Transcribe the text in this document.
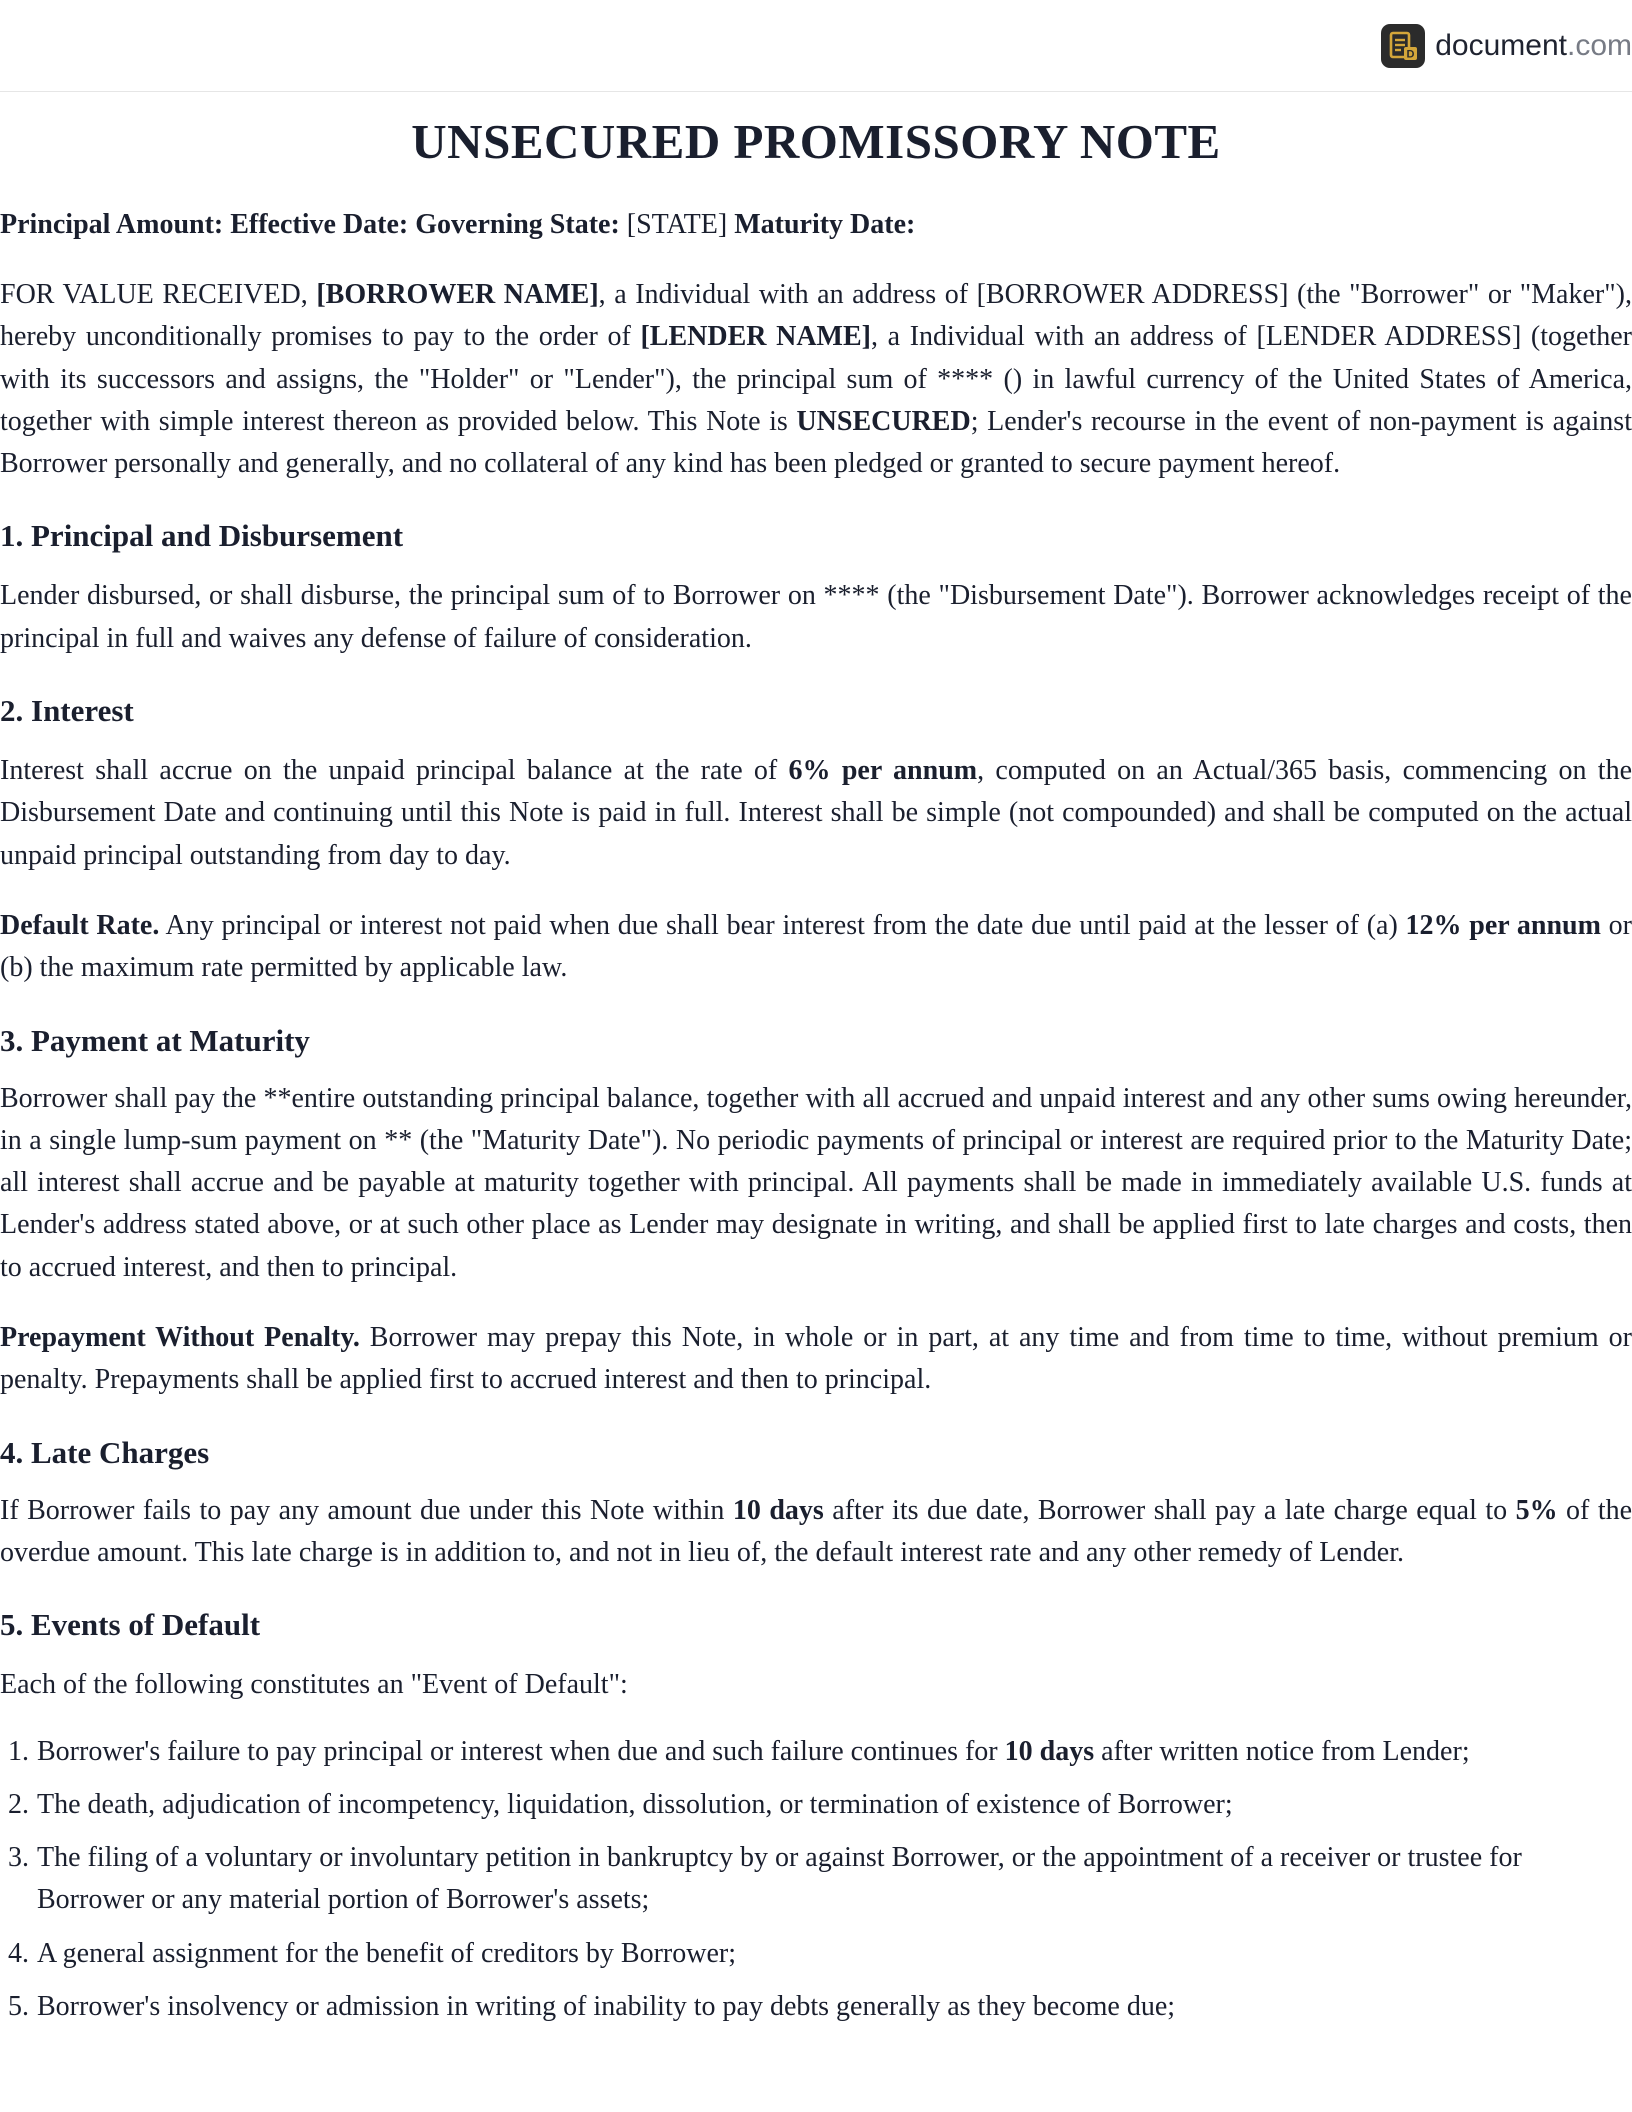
D document.com
UNSECURED PROMISSORY NOTE
Principal Amount: Effective Date: Governing State: [STATE] Maturity Date:

FOR VALUE RECEIVED, [BORROWER NAME], a Individual with an address of [BORROWER ADDRESS] (the "Borrower" or "Maker"), hereby unconditionally promises to pay to the order of [LENDER NAME], a Individual with an address of [LENDER ADDRESS] (together with its successors and assigns, the "Holder" or "Lender"), the principal sum of **** () in lawful currency of the United States of America, together with simple interest thereon as provided below. This Note is UNSECURED; Lender's recourse in the event of non-payment is against Borrower personally and generally, and no collateral of any kind has been pledged or granted to secure payment hereof.

1. Principal and Disbursement

Lender disbursed, or shall disburse, the principal sum of to Borrower on **** (the "Disbursement Date"). Borrower acknowledges receipt of the principal in full and waives any defense of failure of consideration.

2. Interest

Interest shall accrue on the unpaid principal balance at the rate of 6% per annum, computed on an Actual/365 basis, commencing on the Disbursement Date and continuing until this Note is paid in full. Interest shall be simple (not compounded) and shall be computed on the actual unpaid principal outstanding from day to day.

Default Rate. Any principal or interest not paid when due shall bear interest from the date due until paid at the lesser of (a) 12% per annum or (b) the maximum rate permitted by applicable law.

3. Payment at Maturity

Borrower shall pay the **entire outstanding principal balance, together with all accrued and unpaid interest and any other sums owing hereunder, in a single lump-sum payment on ** (the "Maturity Date"). No periodic payments of principal or interest are required prior to the Maturity Date; all interest shall accrue and be payable at maturity together with principal. All payments shall be made in immediately available U.S. funds at Lender's address stated above, or at such other place as Lender may designate in writing, and shall be applied first to late charges and costs, then to accrued interest, and then to principal.

Prepayment Without Penalty. Borrower may prepay this Note, in whole or in part, at any time and from time to time, without premium or penalty. Prepayments shall be applied first to accrued interest and then to principal.

4. Late Charges

If Borrower fails to pay any amount due under this Note within 10 days after its due date, Borrower shall pay a late charge equal to 5% of the overdue amount. This late charge is in addition to, and not in lieu of, the default interest rate and any other remedy of Lender.

5. Events of Default

Each of the following constitutes an "Event of Default":

1. Borrower's failure to pay principal or interest when due and such failure continues for 10 days after written notice from Lender;
2. The death, adjudication of incompetency, liquidation, dissolution, or termination of existence of Borrower;
3. The filing of a voluntary or involuntary petition in bankruptcy by or against Borrower, or the appointment of a receiver or trustee for Borrower or any material portion of Borrower's assets;
4. A general assignment for the benefit of creditors by Borrower;
5. Borrower's insolvency or admission in writing of inability to pay debts generally as they become due;
